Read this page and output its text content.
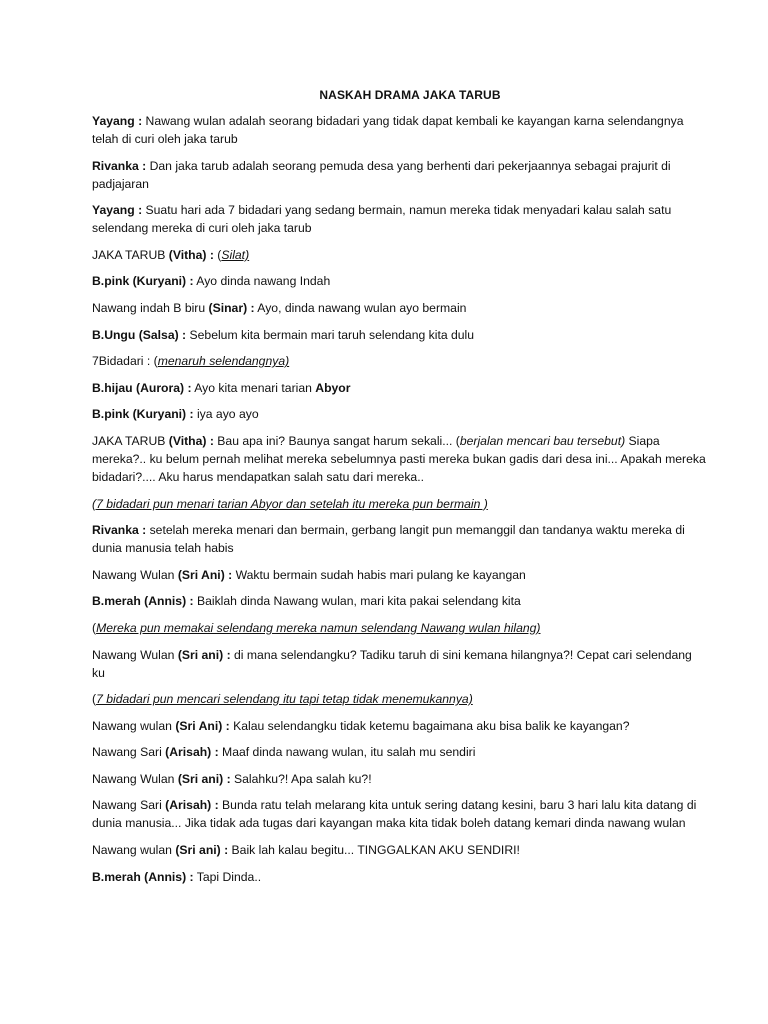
NASKAH DRAMA JAKA TARUB
Yayang : Nawang wulan adalah seorang bidadari yang tidak dapat kembali ke kayangan karna selendangnya telah di curi oleh jaka tarub
Rivanka : Dan jaka tarub adalah seorang pemuda desa yang berhenti dari pekerjaannya sebagai prajurit di padjajaran
Yayang : Suatu hari ada 7 bidadari yang sedang bermain, namun mereka tidak menyadari kalau salah satu selendang mereka di curi oleh jaka tarub
JAKA TARUB (Vitha) : (Silat)
B.pink (Kuryani) : Ayo dinda nawang Indah
Nawang indah B biru (Sinar) : Ayo, dinda nawang wulan ayo bermain
B.Ungu (Salsa) : Sebelum kita bermain mari taruh selendang kita dulu
7Bidadari : (menaruh selendangnya)
B.hijau (Aurora) : Ayo kita menari tarian Abyor
B.pink (Kuryani) : iya ayo ayo
JAKA TARUB (Vitha) : Bau apa ini? Baunya sangat harum sekali... (berjalan mencari bau tersebut) Siapa mereka?.. ku belum pernah melihat mereka sebelumnya pasti mereka bukan gadis dari desa ini... Apakah mereka bidadari?.... Aku harus mendapatkan salah satu dari mereka..
(7 bidadari pun menari tarian Abyor dan setelah itu mereka pun bermain )
Rivanka : setelah mereka menari dan bermain, gerbang langit pun memanggil dan tandanya waktu mereka di dunia manusia telah habis
Nawang Wulan (Sri Ani) : Waktu bermain sudah habis mari pulang ke kayangan
B.merah (Annis) : Baiklah dinda Nawang wulan, mari kita pakai selendang kita
(Mereka pun memakai selendang mereka namun selendang Nawang wulan hilang)
Nawang Wulan (Sri ani) : di mana selendangku? Tadiku taruh di sini kemana hilangnya?! Cepat cari selendang ku
(7 bidadari pun mencari selendang itu tapi tetap tidak menemukannya)
Nawang wulan (Sri Ani) : Kalau selendangku tidak ketemu bagaimana aku bisa balik ke kayangan?
Nawang Sari (Arisah) : Maaf dinda nawang wulan, itu salah mu sendiri
Nawang Wulan (Sri ani) : Salahku?! Apa salah ku?!
Nawang Sari (Arisah) : Bunda ratu telah melarang kita untuk sering datang kesini, baru 3 hari lalu kita datang di dunia manusia... Jika tidak ada tugas dari kayangan maka kita tidak boleh datang kemari dinda nawang wulan
Nawang wulan (Sri ani) : Baik lah kalau begitu... TINGGALKAN AKU SENDIRI!
B.merah (Annis) : Tapi Dinda..
